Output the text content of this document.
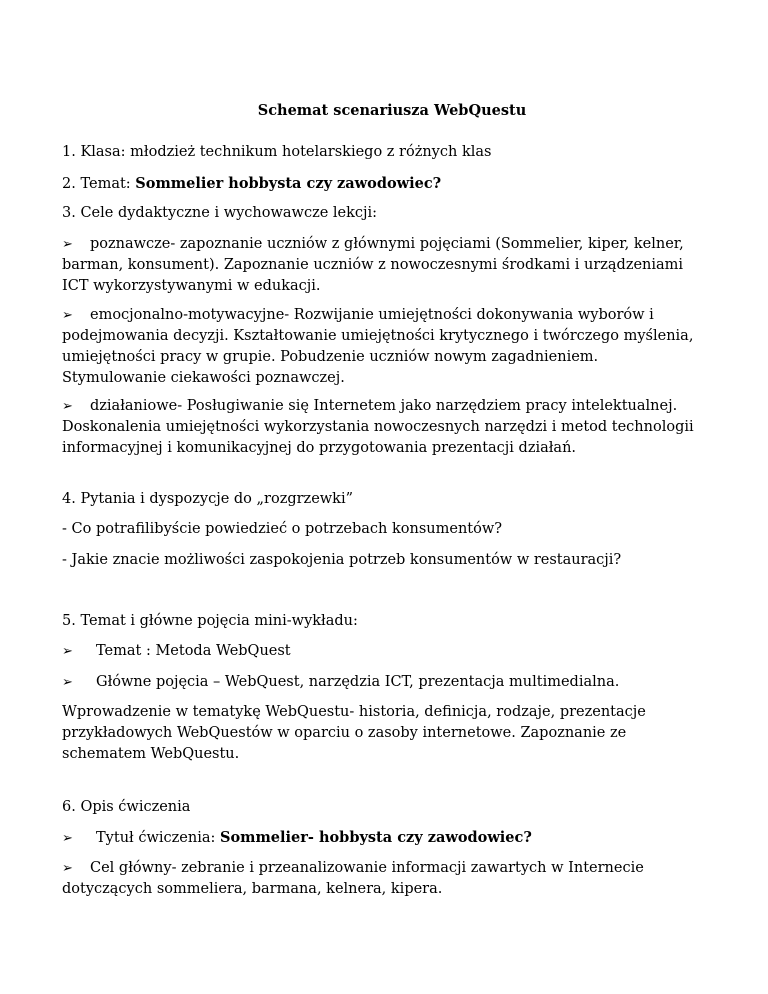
Schemat scenariusza WebQuestu
1. Klasa: młodzież technikum hotelarskiego z różnych klas
2. Temat: Sommelier hobbysta czy zawodowiec?
3. Cele dydaktyczne i wychowawcze lekcji:
➢ poznawcze- zapoznanie uczniów z głównymi pojęciami (Sommelier, kiper, kelner,
barman, konsument). Zapoznanie uczniów z nowoczesnymi środkami i urządzeniami
ICT wykorzystywanymi w edukacji.
➢ emocjonalno-motywacyjne- Rozwijanie umiejętności dokonywania wyborów i
podejmowania decyzji. Kształtowanie umiejętności krytycznego i twórczego myślenia,
umiejętności pracy w grupie. Pobudzenie uczniów nowym zagadnieniem.
Stymulowanie ciekawości poznawczej.
➢ działaniowe- Posługiwanie się Internetem jako narzędziem pracy intelektualnej.
Doskonalenia umiejętności wykorzystania nowoczesnych narzędzi i metod technologii
informacyjnej i komunikacyjnej do przygotowania prezentacji działań.
4. Pytania i dyspozycje do „rozgrzewki”
- Co potrafilibyście powiedzieć o potrzebach konsumentów?
- Jakie znacie możliwości zaspokojenia potrzeb konsumentów w restauracji?
5. Temat i główne pojęcia mini-wykładu:
➢ Temat : Metoda WebQuest
➢ Główne pojęcia – WebQuest, narzędzia ICT, prezentacja multimedialna.
Wprowadzenie w tematykę WebQuestu- historia, definicja, rodzaje, prezentacje
przykładowych WebQuestów w oparciu o zasoby internetowe. Zapoznanie ze
schematem WebQuestu.
6. Opis ćwiczenia
➢ Tytuł ćwiczenia: Sommelier- hobbysta czy zawodowiec?
➢ Cel główny- zebranie i przeanalizowanie informacji zawartych w Internecie
dotyczących sommeliera, barmana, kelnera, kipera.
